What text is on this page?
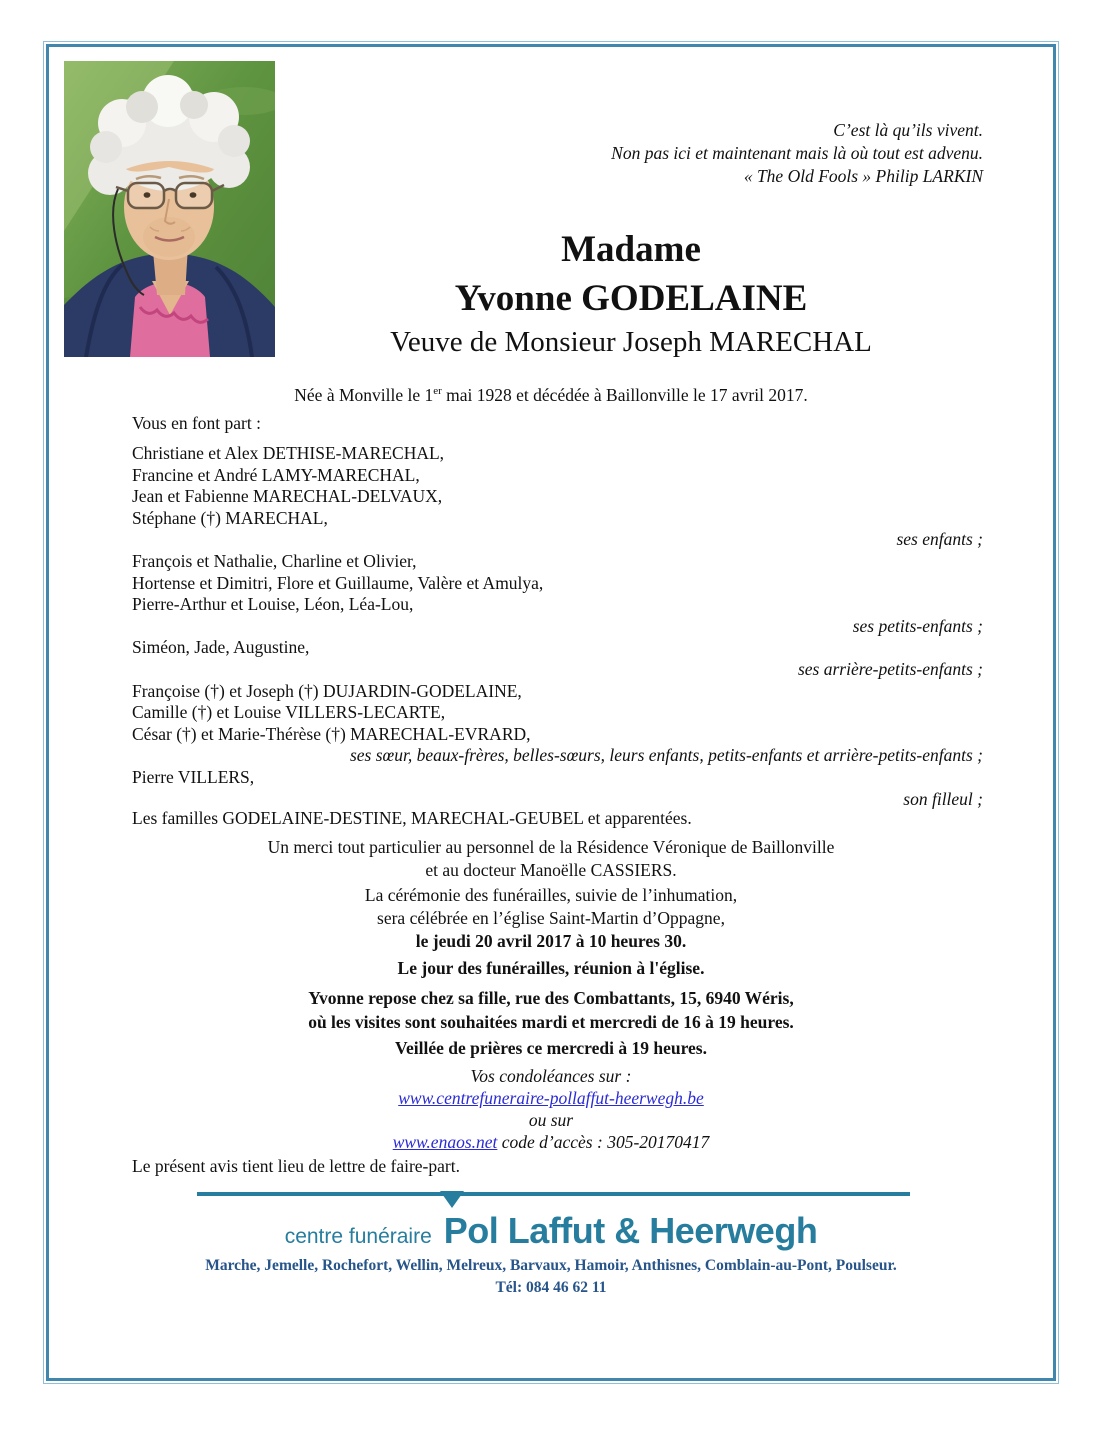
C’est là qu’ils vivent.
Non pas ici et maintenant mais là où tout est advenu.
« The Old Fools » Philip LARKIN
Madame
Yvonne GODELAINE
Veuve de Monsieur Joseph MARECHAL
Née à Monville le 1er mai 1928 et décédée à Baillonville le 17 avril 2017.
Vous en font part :
Christiane et Alex DETHISE-MARECHAL,
Francine et André LAMY-MARECHAL,
Jean et Fabienne MARECHAL-DELVAUX,
Stéphane (†) MARECHAL,
ses enfants ;
François et Nathalie, Charline et Olivier,
Hortense et Dimitri, Flore et Guillaume, Valère et Amulya,
Pierre-Arthur et Louise, Léon, Léa-Lou,
ses petits-enfants ;
Siméon, Jade, Augustine,
ses arrière-petits-enfants ;
Françoise (†) et Joseph (†) DUJARDIN-GODELAINE,
Camille (†) et Louise VILLERS-LECARTE,
César (†) et Marie-Thérèse (†) MARECHAL-EVRARD,
ses sœur, beaux-frères, belles-sœurs, leurs enfants, petits-enfants et arrière-petits-enfants ;
Pierre VILLERS,
son filleul ;
Les familles GODELAINE-DESTINE, MARECHAL-GEUBEL et apparentées.
Un merci tout particulier au personnel de la Résidence Véronique de Baillonville
et au docteur Manoëlle CASSIERS.
La cérémonie des funérailles, suivie de l’inhumation,
sera célébrée en l’église Saint-Martin d’Oppagne,
le jeudi 20 avril 2017 à 10 heures 30.
Le jour des funérailles, réunion à l'église.
Yvonne repose chez sa fille, rue des Combattants, 15, 6940 Wéris,
où les visites sont souhaitées mardi et mercredi de 16 à 19 heures.
Veillée de prières ce mercredi à 19 heures.
Vos condoléances sur :
www.centrefuneraire-pollaffut-heerwegh.be
ou sur
www.enaos.net code d’accès : 305-20170417
Le présent avis tient lieu de lettre de faire-part.
centre funéraire Pol Laffut & Heerwegh
Marche, Jemelle, Rochefort, Wellin, Melreux, Barvaux, Hamoir, Anthisnes, Comblain-au-Pont, Poulseur.
Tél: 084 46 62 11
